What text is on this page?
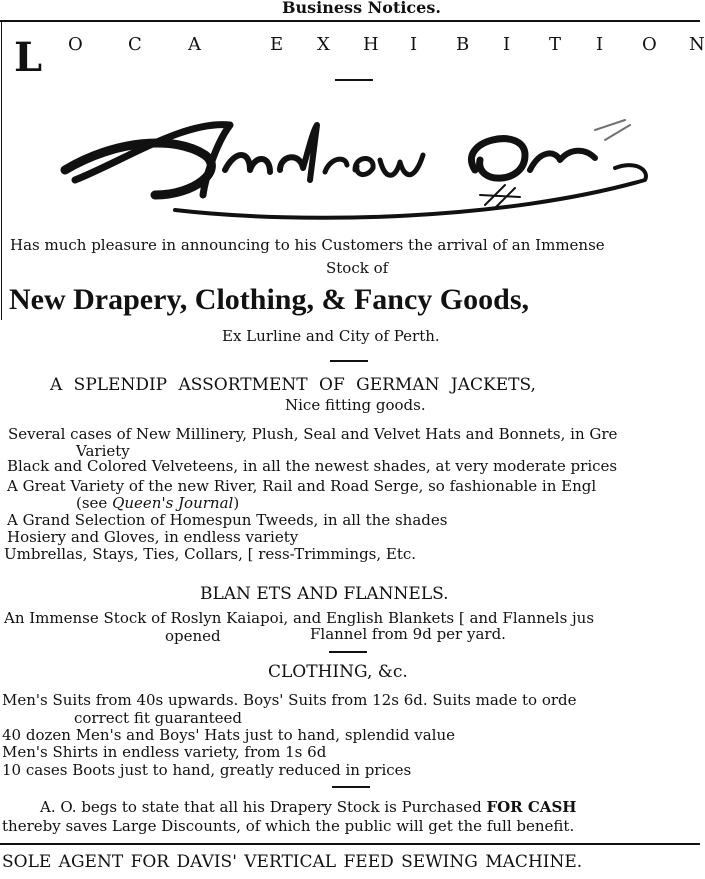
Business Notices.
L O	C	A	E X H I B I T I O N
Has much pleasure in announcing to his Customers the arrival of an Immense
Stock of
New Drapery, Clothing, & Fancy Goods,
Ex Lurline and City of Perth.
A SPLENDIP ASSORTMENT OF GERMAN JACKETS,
Nice fitting goods.
Several cases of New Millinery, Plush, Seal and Velvet Hats and Bonnets, in Gre
Variety
Black and Colored Velveteens, in all the newest shades, at very moderate prices
A Great Variety of the new River, Rail and Road Serge, so fashionable in Engl
(see Queen's Journal)
A Grand Selection of Homespun Tweeds, in all the shades
Hosiery and Gloves, in endless variety
Umbrellas, Stays, Ties, Collars, [ ress-Trimmings, Etc.
BLAN ETS AND FLANNELS.
An Immense Stock of Roslyn Kaiapoi, and English Blankets [ and Flannels jus
opened	Flannel from 9d per yard.
CLOTHING, &c.
Men's Suits from 40s upwards. Boys' Suits from 12s 6d. Suits made to orde
correct fit guaranteed
40 dozen Men's and Boys' Hats just to hand, splendid value
Men's Shirts in endless variety, from 1s 6d
10 cases Boots just to hand, greatly reduced in prices
A. O. begs to state that all his Drapery Stock is Purchased FOR CASH
thereby saves Large Discounts, of which the public will get the full benefit.
SOLE AGENT FOR DAVIS' VERTICAL FEED SEWING MACHINE.
